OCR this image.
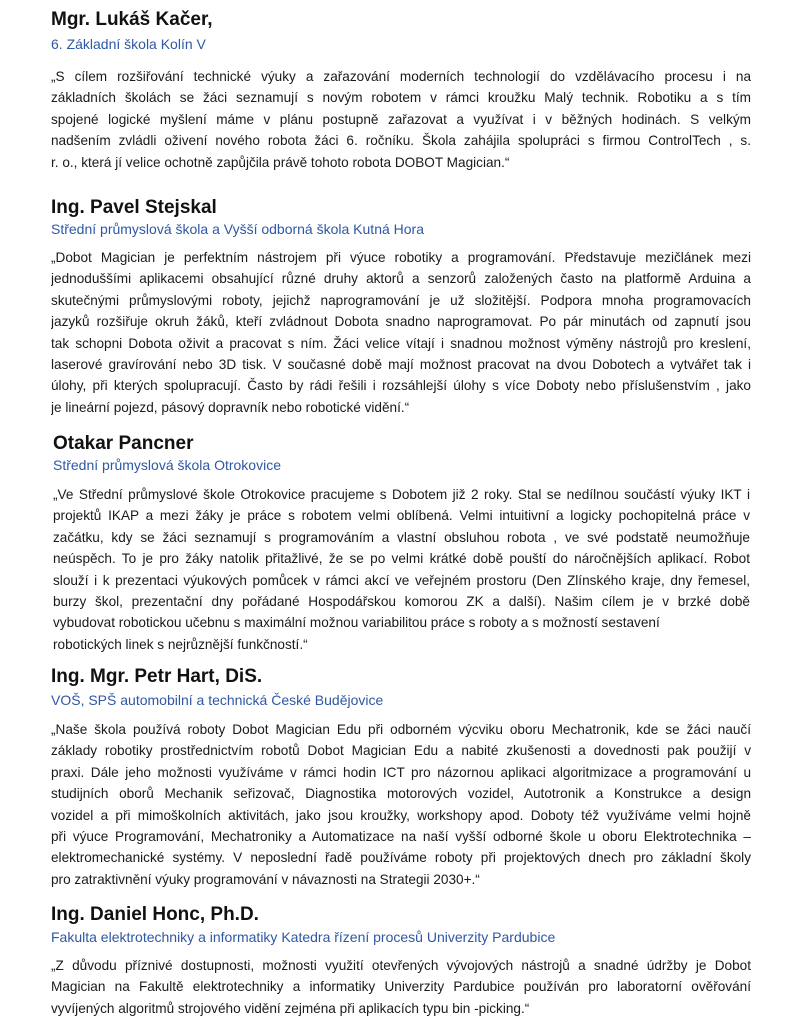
Mgr. Lukáš Kačer,
6. Základní škola Kolín V
„S cílem rozšiřování technické výuky a zařazování moderních technologií do vzdělávacího procesu i na
základních školách se žáci seznamují s novým robotem v rámci kroužku Malý technik. Robotiku a s tím
spojené logické myšlení máme v plánu postupně zařazovat a využívat i v běžných hodinách. S velkým
nadšením zvládli oživení nového robota žáci 6. ročníku. Škola zahájila spolupráci s firmou ControlTech , s.
r. o., která jí velice ochotně zapůjčila právě tohoto robota DOBOT Magician.“
Ing. Pavel Stejskal
Střední průmyslová škola a Vyšší odborná škola Kutná Hora
„Dobot Magician je perfektním nástrojem při výuce robotiky a programování. Představuje mezičlánek mezi
jednoduššími aplikacemi obsahující různé druhy aktorů a senzorů založených často na platformě Arduina a
skutečnými průmyslovými roboty, jejichž naprogramování je už složitější. Podpora mnoha programovacích
jazyků rozšiřuje okruh žáků, kteří zvládnout Dobota snadno naprogramovat. Po pár minutách od zapnutí jsou
tak schopni Dobota oživit a pracovat s ním. Žáci velice vítají i snadnou možnost výměny nástrojů pro kreslení,
laserové gravírování nebo 3D tisk. V současné době mají možnost pracovat na dvou Dobotech a vytvářet tak i
úlohy, při kterých spolupracují. Často by rádi řešili i rozsáhlejší úlohy s více Doboty nebo příslušenstvím , jako
je lineární pojezd, pásový dopravník nebo robotické vidění.“
Otakar Pancner
Střední průmyslová škola Otrokovice
„Ve Střední průmyslové škole Otrokovice pracujeme s Dobotem již 2 roky. Stal se nedílnou součástí výuky IKT i
projektů IKAP a mezi žáky je práce s robotem velmi oblíbená. Velmi intuitivní a logicky pochopitelná práce v
začátku, kdy se žáci seznamují s programováním a vlastní obsluhou robota , ve své podstatě neumožňuje
neúspěch. To je pro žáky natolik přitažlivé, že se po velmi krátké době pouští do náročnějších aplikací. Robot
slouží i k prezentaci výukových pomůcek v rámci akcí ve veřejném prostoru (Den Zlínského kraje, dny řemesel,
burzy škol, prezentační dny pořádané Hospodářskou komorou ZK a další). Našim cílem je v brzké době
vybudovat robotickou učebnu s maximální možnou variabilitou práce s roboty a s možností sestavení
robotických linek s nejrůznější funkčností.“
Ing. Mgr. Petr Hart, DiS.
VOŠ, SPŠ automobilní a technická České Budějovice
„Naše škola používá roboty Dobot Magician Edu při odborném výcviku oboru Mechatronik, kde se žáci naučí
základy robotiky prostřednictvím robotů Dobot Magician Edu a nabité zkušenosti a dovednosti pak použijí v
praxi. Dále jeho možnosti využíváme v rámci hodin ICT pro názornou aplikaci algoritmizace a programování u
studijních oborů Mechanik seřizovač, Diagnostika motorových vozidel, Autotronik a Konstrukce a design
vozidel a při mimoškolních aktivitách, jako jsou kroužky, workshopy apod. Doboty též využíváme velmi hojně
při výuce Programování, Mechatroniky a Automatizace na naší vyšší odborné škole u oboru Elektrotechnika –
elektromechanické systémy. V neposlední řadě používáme roboty při projektových dnech pro základní školy
pro zatraktivnění výuky programování v návaznosti na Strategii 2030+.“
Ing. Daniel Honc, Ph.D.
Fakulta elektrotechniky a informatiky Katedra řízení procesů Univerzity Pardubice
„Z důvodu příznivé dostupnosti, možnosti využití otevřených vývojových nástrojů a snadné údržby je Dobot
Magician na Fakultě elektrotechniky a informatiky Univerzity Pardubice používán pro laboratorní ověřování
vyvíjených algoritmů strojového vidění zejména při aplikacích typu bin -picking.“
